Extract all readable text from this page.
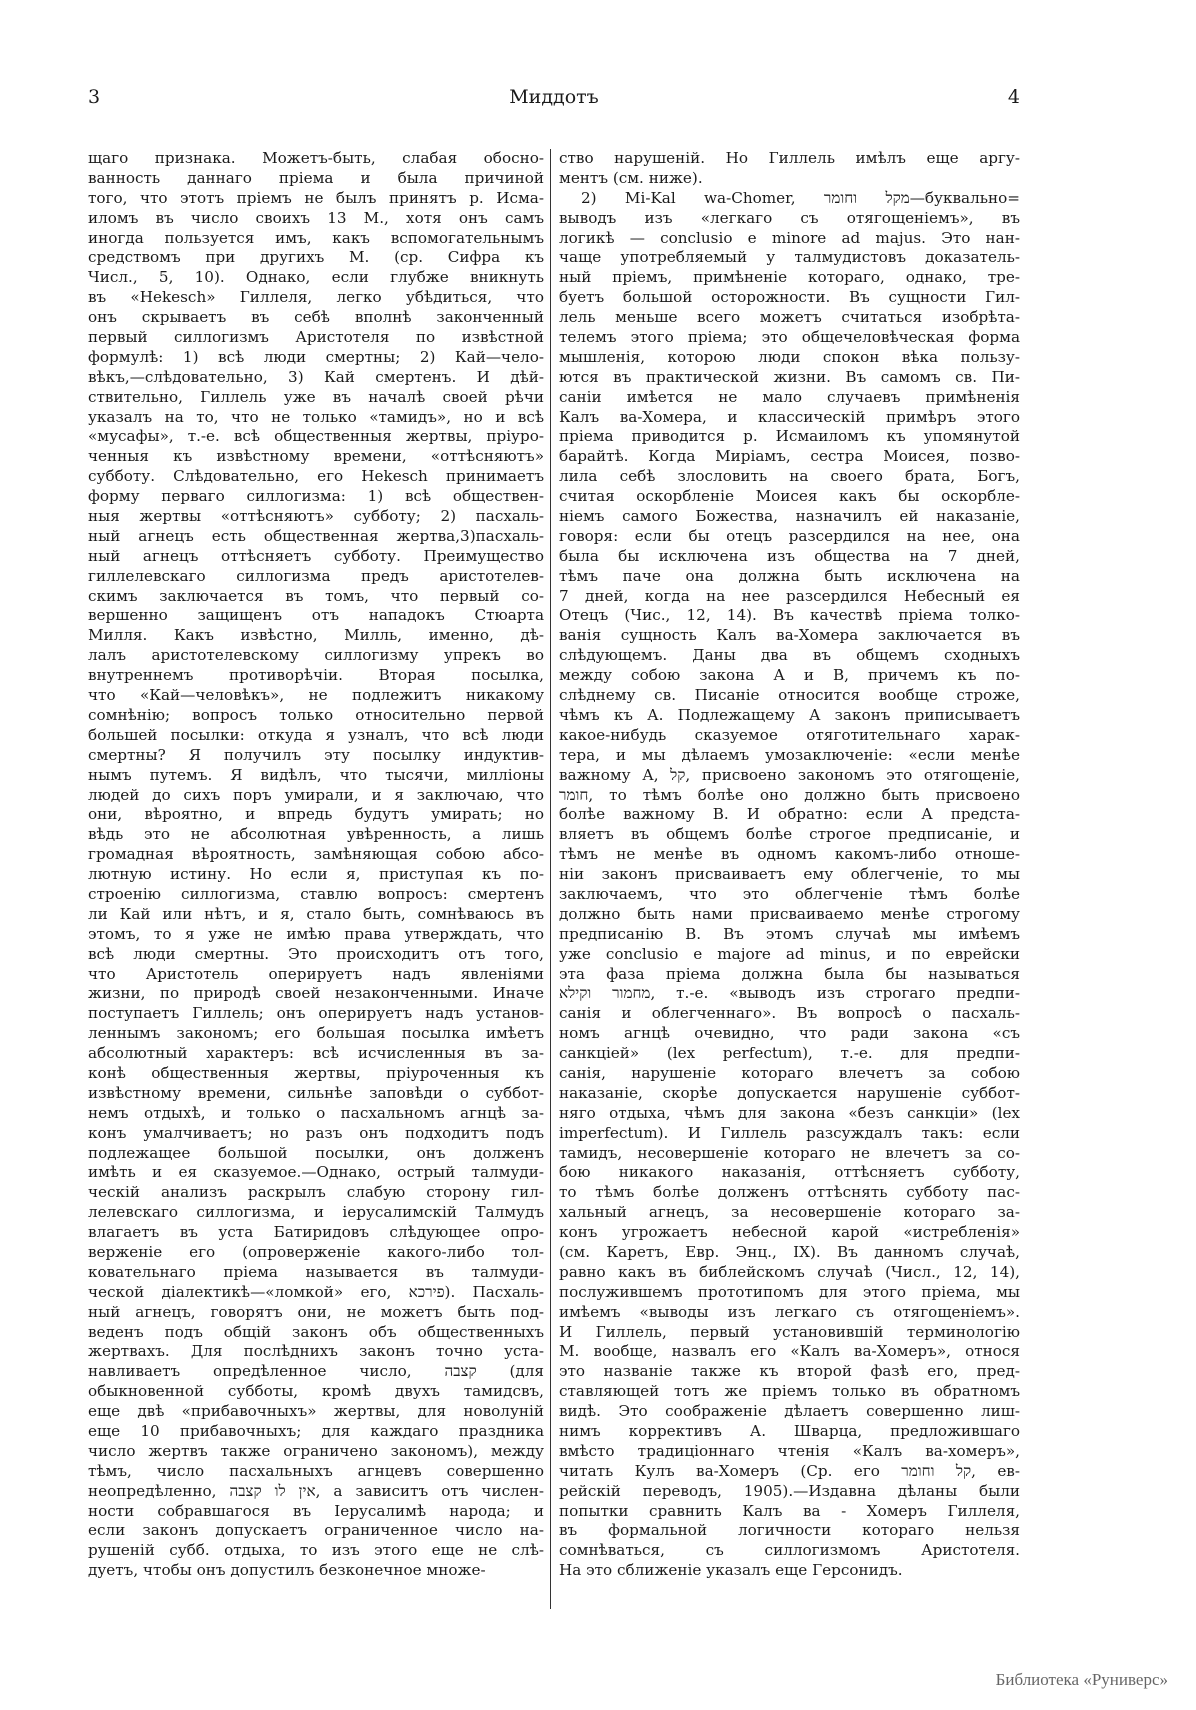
3	Миддотъ	4
щаго признака. Можетъ-быть, слабая обосно-
ванность даннаго пріема и была причиной
того, что этотъ пріемъ не былъ принятъ р. Исма-
иломъ въ число своихъ 13 М., хотя онъ самъ
иногда пользуется имъ, какъ вспомогательнымъ
средствомъ при другихъ М. (ср. Сифра къ
Числ., 5, 10). Однако, если глубже вникнуть
въ «Hekesch» Гиллеля, легко убѣдиться, что
онъ скрываетъ въ себѣ вполнѣ законченный
первый силлогизмъ Аристотеля по извѣстной
формулѣ: 1) всѣ люди смертны; 2) Кай—чело-
вѣкъ,—слѣдовательно, 3) Кай смертенъ. И дѣй-
ствительно, Гиллель уже въ началѣ своей рѣчи
указалъ на то, что не только «тамидъ», но и всѣ
«мусафы», т.-е. всѣ общественныя жертвы, пріуро-
ченныя къ извѣстному времени, «оттѣсняютъ»
субботу. Слѣдовательно, его Hekesch принимаетъ
форму перваго силлогизма: 1) всѣ обществен-
ныя жертвы «оттѣсняютъ» субботу; 2) пасхаль-
ный агнецъ есть общественная жертва,3)пасхаль-
ный агнецъ оттѣсняетъ субботу. Преимущество
гиллелевскаго силлогизма предъ аристотелев-
скимъ заключается въ томъ, что первый со-
вершенно защищенъ отъ нападокъ Стюарта
Милля. Какъ извѣстно, Милль, именно, дѣ-
лалъ аристотелевскому силлогизму упрекъ во
внутреннемъ противорѣчіи. Вторая посылка,
что «Кай—человѣкъ», не подлежитъ никакому
сомнѣнію; вопросъ только относительно первой
большей посылки: откуда я узналъ, что всѣ люди
смертны? Я получилъ эту посылку индуктив-
нымъ путемъ. Я видѣлъ, что тысячи, милліоны
людей до сихъ поръ умирали, и я заключаю, что
они, вѣроятно, и впредь будутъ умирать; но
вѣдь это не абсолютная увѣренность, а лишь
громадная вѣроятность, замѣняющая собою абсо-
лютную истину. Но если я, приступая къ по-
строенію силлогизма, ставлю вопросъ: смертенъ
ли Кай или нѣтъ, и я, стало быть, сомнѣваюсь въ
этомъ, то я уже не имѣю права утверждать, что
всѣ люди смертны. Это происходитъ отъ того,
что Аристотель оперируетъ надъ явленіями
жизни, по природѣ своей незаконченными. Иначе
поступаетъ Гиллель; онъ оперируетъ надъ установ-
леннымъ закономъ; его большая посылка имѣетъ
абсолютный характеръ: всѣ исчисленныя въ за-
конѣ общественныя жертвы, пріуроченныя къ
извѣстному времени, сильнѣе заповѣди о суббот-
немъ отдыхѣ, и только о пасхальномъ агнцѣ за-
конъ умалчиваетъ; но разъ онъ подходитъ подъ
подлежащее большой посылки, онъ долженъ
имѣть и ея сказуемое.—Однако, острый талмуди-
ческій анализъ раскрылъ слабую сторону гил-
лелевскаго силлогизма, и іерусалимскій Талмудъ
влагаетъ въ уста Батиридовъ слѣдующее опро-
верженіе его (опроверженіе какого-либо тол-
ковательнаго пріема называется въ талмуди-
ческой діалектикѣ—«ломкой» его, פירכא). Пасхаль-
ный агнецъ, говорятъ они, не можетъ быть под-
веденъ подъ общій законъ объ общественныхъ
жертвахъ. Для послѣднихъ законъ точно уста-
навливаетъ опредѣленное число, קצבה (для
обыкновенной субботы, кромѣ двухъ тамидсвъ,
еще двѣ «прибавочныхъ» жертвы, для новолуній
еще 10 прибавочныхъ; для каждаго праздника
число жертвъ также ограничено закономъ), между
тѣмъ, число пасхальныхъ агнцевъ совершенно
неопредѣленно, אין לו קצבה, а зависитъ отъ числен-
ности собравшагося въ Іерусалимѣ народа; и
если законъ допускаетъ ограниченное число на-
рушеній субб. отдыха, то изъ этого еще не слѣ-
дуетъ, чтобы онъ допустилъ безконечное множе-
ство нарушеній. Но Гиллель имѣлъ еще аргу-
ментъ (см. ниже).
2) Mi-Kal wa-Chomer, מקל וחומר—буквально=
выводъ изъ «легкаго съ отягощеніемъ», въ
логикѣ — conclusio e minore ad majus. Это нан-
чаще употребляемый у талмудистовъ доказатель-
ный пріемъ, примѣненіе котораго, однако, тре-
буетъ большой осторожности. Въ сущности Гил-
лель меньше всего можетъ считаться изобрѣта-
телемъ этого пріема; это общечеловѣческая форма
мышленія, которою люди спокон вѣка пользу-
ются въ практической жизни. Въ самомъ св. Пи-
саніи имѣется не мало случаевъ примѣненія
Калъ ва-Хомера, и классическій примѣръ этого
пріема приводится р. Исмаиломъ къ упомянутой
барайтѣ. Когда Миріамъ, сестра Моисея, позво-
лила себѣ злословить на своего брата, Богъ,
считая оскорбленіе Моисея какъ бы оскорбле-
ніемъ самого Божества, назначилъ ей наказаніе,
говоря: если бы отецъ разсердился на нее, она
была бы исключена изъ общества на 7 дней,
тѣмъ паче она должна быть исключена на
7 дней, когда на нее разсердился Небесный ея
Отецъ (Чис., 12, 14). Въ качествѣ пріема толко-
ванія сущность Калъ ва-Хомера заключается въ
слѣдующемъ. Даны два въ общемъ сходныхъ
между собою закона А и В, причемъ къ по-
слѣднему св. Писаніе относится вообще строже,
чѣмъ къ А. Подлежащему А законъ приписываетъ
какое-нибудь сказуемое отяготительнаго харак-
тера, и мы дѣлаемъ умозаключеніе: «если менѣе
важному А, קל, присвоено закономъ это отягощеніе,
חומר, то тѣмъ болѣе оно должно быть присвоено
болѣе важному В. И обратно: если А предста-
вляетъ въ общемъ болѣе строгое предписаніе, и
тѣмъ не менѣе въ одномъ какомъ-либо отноше-
ніи законъ присваиваетъ ему облегченіе, то мы
заключаемъ, что это облегченіе тѣмъ болѣе
должно быть нами присваиваемо менѣе строгому
предписанію В. Въ этомъ случаѣ мы имѣемъ
уже conclusio e majore ad minus, и по еврейски
эта фаза пріема должна была бы называться
מחמור וקילא, т.-е. «выводъ изъ строгаго предпи-
санія и облегченнаго». Въ вопросѣ о пасхаль-
номъ агнцѣ очевидно, что ради закона «съ
санкціей» (lex perfectum), т.-е. для предпи-
санія, нарушеніе котораго влечетъ за собою
наказаніе, скорѣе допускается нарушеніе суббот-
няго отдыха, чѣмъ для закона «безъ санкціи» (lex
imperfectum). И Гиллель разсуждалъ такъ: если
тамидъ, несовершеніе котораго не влечетъ за со-
бою никакого наказанія, оттѣсняетъ субботу,
то тѣмъ болѣе долженъ оттѣснять субботу пас-
хальный агнецъ, за несовершеніе котораго за-
конъ угрожаетъ небесной карой «истребленія»
(см. Каретъ, Евр. Энц., IX). Въ данномъ случаѣ,
равно какъ въ библейскомъ случаѣ (Числ., 12, 14),
послужившемъ прототипомъ для этого пріема, мы
имѣемъ «выводы изъ легкаго съ отягощеніемъ».
И Гиллель, первый установившій терминологію
М. вообще, назвалъ его «Калъ ва-Хомеръ», относя
это названіе также къ второй фазѣ его, пред-
ставляющей тотъ же пріемъ только въ обратномъ
видѣ. Это соображеніе дѣлаетъ совершенно лиш-
нимъ коррективъ А. Шварца, предложившаго
вмѣсто традиціоннаго чтенія «Калъ ва-хомеръ»,
читать Кулъ ва-Хомеръ (Ср. его קל וחומר, ев-
рейскій переводъ, 1905).—Издавна дѣланы были
попытки сравнить Калъ ва - Хомеръ Гиллеля,
въ формальной логичности котораго нельзя
сомнѣваться, съ силлогизмомъ Аристотеля.
На это сближеніе указалъ еще Герсонидъ.
Библиотека «Руниверс»
